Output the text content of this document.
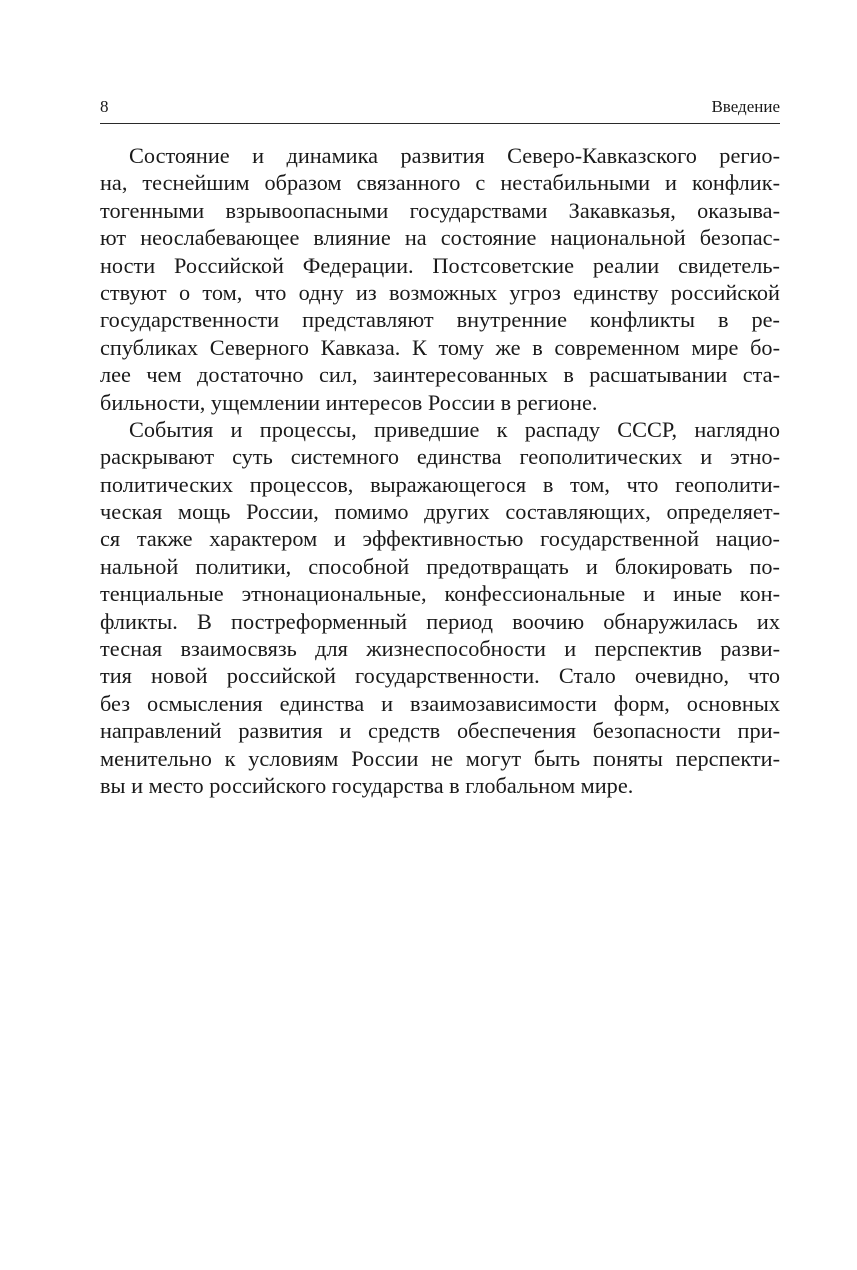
8	Введение

Состояние и динамика развития Северо-Кавказского регио-
на, теснейшим образом связанного с нестабильными и конфлик-
тогенными взрывоопасными государствами Закавказья, оказыва-
ют неослабевающее влияние на состояние национальной безопас-
ности Российской Федерации. Постсоветские реалии свидетель-
ствуют о том, что одну из возможных угроз единству российской
государственности представляют внутренние конфликты в ре-
спубликах Северного Кавказа. К тому же в современном мире бо-
лее чем достаточно сил, заинтересованных в расшатывании ста-
бильности, ущемлении интересов России в регионе.

События и процессы, приведшие к распаду СССР, наглядно
раскрывают суть системного единства геополитических и этно-
политических процессов, выражающегося в том, что геополити-
ческая мощь России, помимо других составляющих, определяет-
ся также характером и эффективностью государственной нацио-
нальной политики, способной предотвращать и блокировать по-
тенциальные этнонациональные, конфессиональные и иные кон-
фликты. В постреформенный период воочию обнаружилась их
тесная взаимосвязь для жизнеспособности и перспектив разви-
тия новой российской государственности. Стало очевидно, что
без осмысления единства и взаимозависимости форм, основных
направлений развития и средств обеспечения безопасности при-
менительно к условиям России не могут быть поняты перспекти-
вы и место российского государства в глобальном мире.
